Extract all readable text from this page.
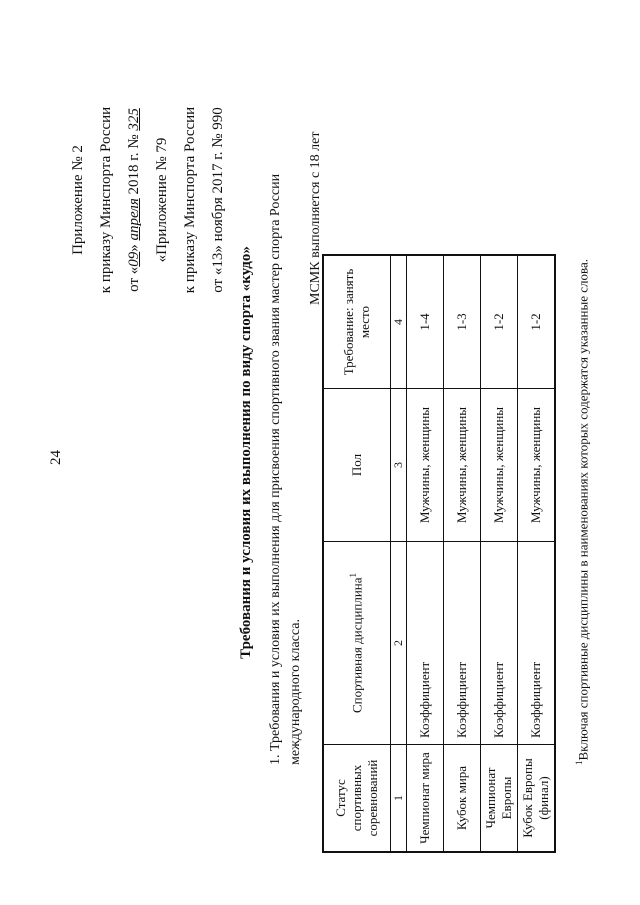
24
Приложение № 2 к приказу Минспорта России от «09» апреля 2018 г. № 325
«Приложение № 79 к приказу Минспорта России от «13» ноября 2017 г. № 990
Требования и условия их выполнения по виду спорта «кудо» 1. Требования и условия их выполнения для присвоения спортивного звания мастер спорта России международного класса.
МСМК выполняется с 18 лет
Статус спортивных соревнований	Спортивная дисциплина$^1$	Пол	Требование: занять место
1	2	3	4
Чемпионат мира	Коэффициент	Мужчины, женщины	1-4
Кубок мира	Коэффициент	Мужчины, женщины	1-3
Чемпионат Европы	Коэффициент	Мужчины, женщины	1-2
Кубок Европы (финал)	Коэффициент	Мужчины, женщины	1-2
$^1$Включая спортивные дисциплины в наименованиях которых содержатся указанные слова.
